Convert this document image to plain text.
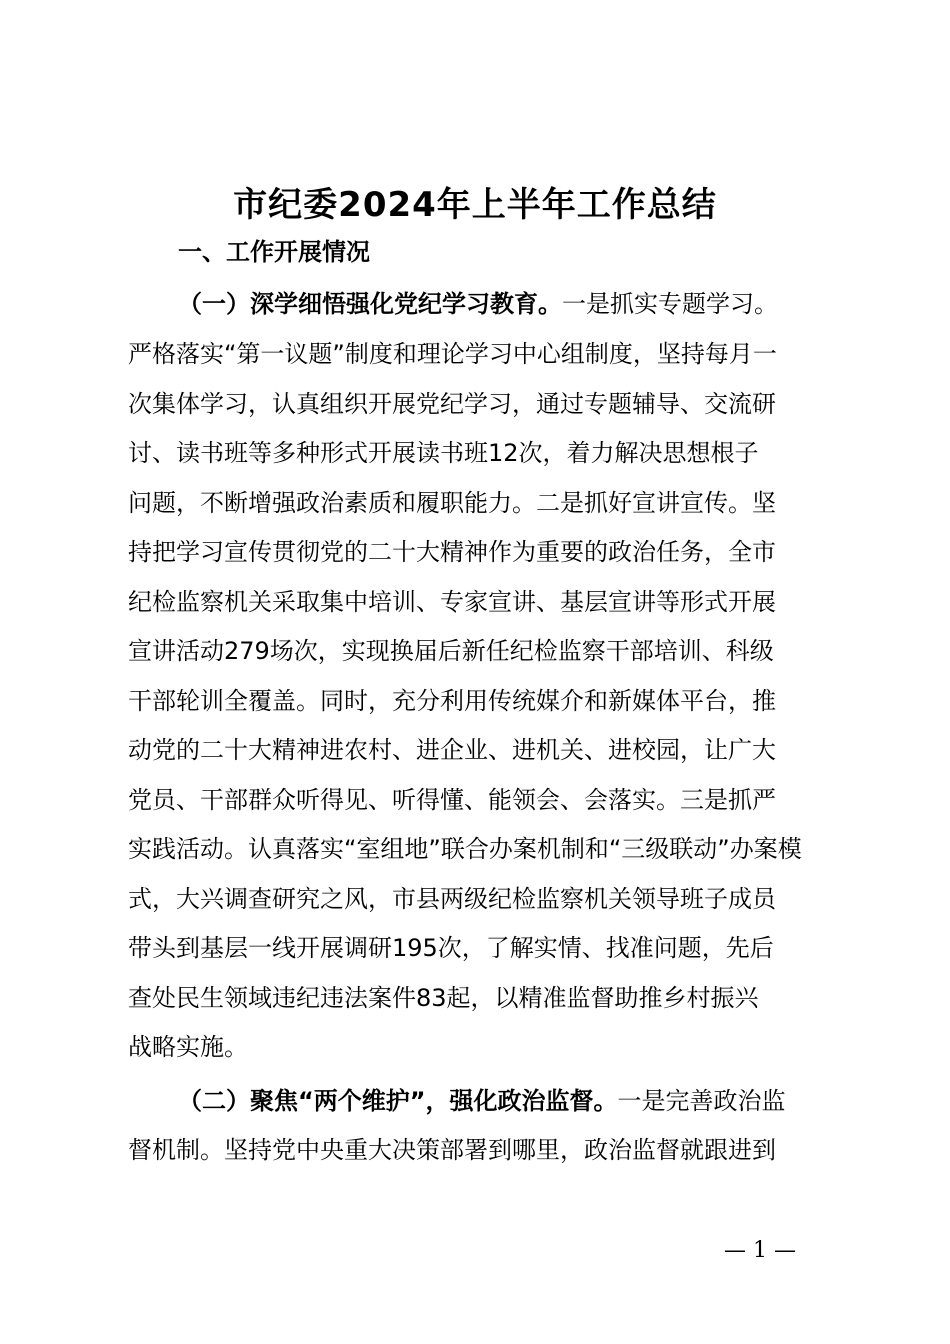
市纪委2024年上半年工作总结
一、工作开展情况
（一）深学细悟强化党纪学习教育。一是抓实专题学习。
严格落实“第一议题”制度和理论学习中心组制度，坚持每月一
次集体学习，认真组织开展党纪学习，通过专题辅导、交流研
讨、读书班等多种形式开展读书班12次，着力解决思想根子
问题，不断增强政治素质和履职能力。二是抓好宣讲宣传。坚
持把学习宣传贯彻党的二十大精神作为重要的政治任务，全市
纪检监察机关采取集中培训、专家宣讲、基层宣讲等形式开展
宣讲活动279场次，实现换届后新任纪检监察干部培训、科级
干部轮训全覆盖。同时，充分利用传统媒介和新媒体平台，推
动党的二十大精神进农村、进企业、进机关、进校园，让广大
党员、干部群众听得见、听得懂、能领会、会落实。三是抓严
实践活动。认真落实“室组地”联合办案机制和“三级联动”办案模
式，大兴调查研究之风，市县两级纪检监察机关领导班子成员
带头到基层一线开展调研195次，了解实情、找准问题，先后
查处民生领域违纪违法案件83起，以精准监督助推乡村振兴
战略实施。
（二）聚焦“两个维护”，强化政治监督。一是完善政治监
督机制。坚持党中央重大决策部署到哪里，政治监督就跟进到
— 1 —
